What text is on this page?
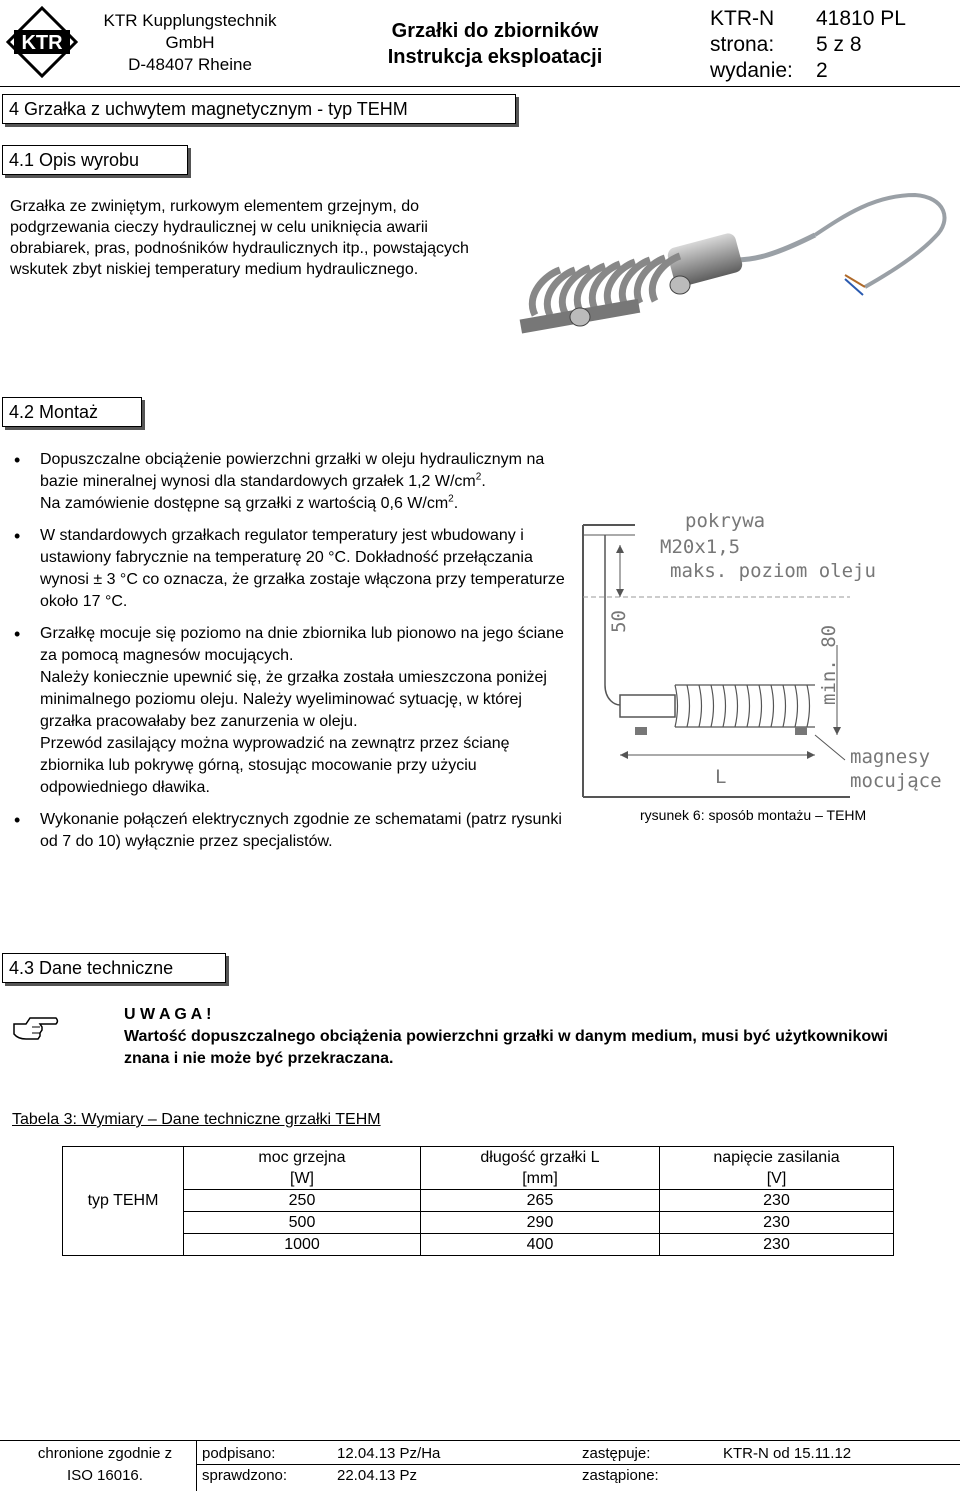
KTR
KTR Kupplungstechnik
GmbH
D-48407 Rheine
Grzałki do zbiorników
Instrukcja eksploatacji
KTR-N 41810 PL
strona: 5 z 8
wydanie: 2
4 Grzałka z uchwytem magnetycznym - typ TEHM
4.1 Opis wyrobu
Grzałka ze zwiniętym, rurkowym elementem grzejnym, do podgrzewania cieczy hydraulicznej w celu uniknięcia awarii obrabiarek, pras, podnośników hydraulicznych itp., powstających wskutek zbyt niskiej temperatury medium hydraulicznego.
4.2 Montaż
• Dopuszczalne obciążenie powierzchni grzałki w oleju hydraulicznym na bazie mineralnej wynosi dla standardowych grzałek 1,2 $W/cm^2$.
Na zamówienie dostępne są grzałki z wartością 0,6 $W/cm^2$.
• W standardowych grzałkach regulator temperatury jest wbudowany i ustawiony fabrycznie na temperaturę 20 °C. Dokładność przełączania wynosi ± 3 °C co oznacza, że grzałka zostaje włączona przy temperaturze około 17 °C.
• Grzałkę mocuje się poziomo na dnie zbiornika lub pionowo na jego ściane za pomocą magnesów mocujących.
Należy koniecznie upewnić się, że grzałka została umieszczona poniżej minimalnego poziomu oleju. Należy wyeliminować sytuację, w której grzałka pracowałaby bez zanurzenia w oleju.
Przewód zasilający można wyprowadzić na zewnątrz przez ścianę zbiornika lub pokrywę górną, stosując mocowanie przy użyciu odpowiedniego dławika.
• Wykonanie połączeń elektrycznych zgodnie ze schematami (patrz rysunki od 7 do 10) wyłącznie przez specjalistów.
pokrywa
M20x1,5
maks. poziom oleju
50
min. 80
magnesy
mocujące
L
rysunek 6: sposób montażu – TEHM
4.3 Dane techniczne
U W A G A !
Wartość dopuszczalnego obciążenia powierzchni grzałki w danym medium, musi być użytkownikowi znana i nie może być przekraczana.
Tabela 3: Wymiary – Dane techniczne grzałki TEHM
typ TEHM	moc grzejna	długość grzałki L	napięcie zasilania
	[W]	[mm]	[V]
	250	265	230
	500	290	230
	1000	400	230
chronione zgodnie z
ISO 16016.
podpisano:	12.04.13 Pz/Ha	zastępuje:	KTR-N od 15.11.12
sprawdzono:	22.04.13 Pz	zastąpione:
